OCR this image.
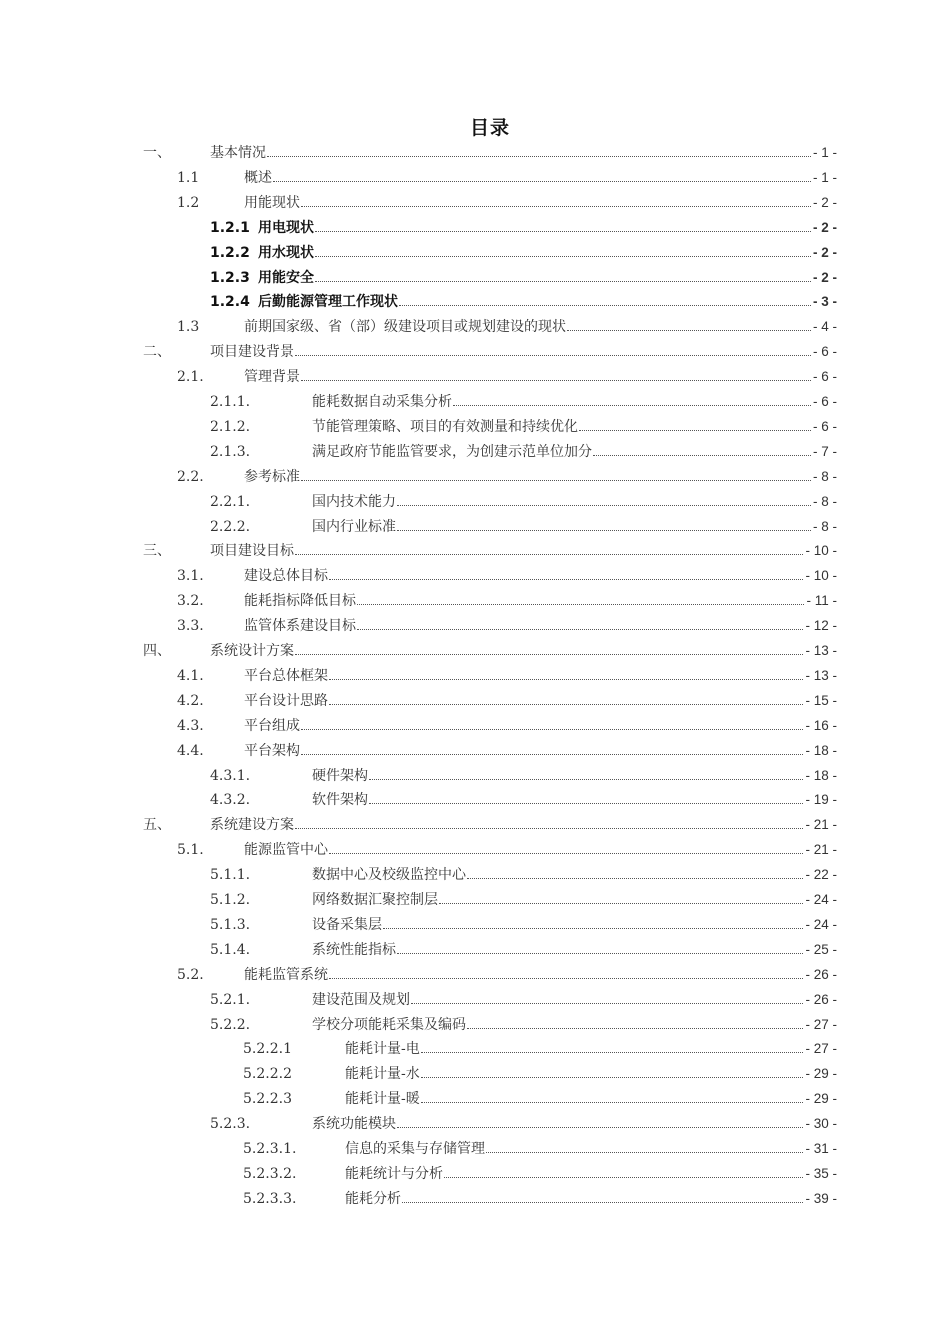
目录
一、	基本情况	- 1 -
1.1	概述	- 1 -
1.2	用能现状	- 2 -
1.2.1 用电现状	- 2 -
1.2.2 用水现状	- 2 -
1.2.3 用能安全	- 2 -
1.2.4 后勤能源管理工作现状	- 3 -
1.3	前期国家级、省（部）级建设项目或规划建设的现状	- 4 -
二、	项目建设背景	- 6 -
2.1.	管理背景	- 6 -
2.1.1.	能耗数据自动采集分析	- 6 -
2.1.2.	节能管理策略、项目的有效测量和持续优化	- 6 -
2.1.3.	满足政府节能监管要求，为创建示范单位加分	- 7 -
2.2.	参考标准	- 8 -
2.2.1.	国内技术能力	- 8 -
2.2.2.	国内行业标准	- 8 -
三、	项目建设目标	- 10 -
3.1.	建设总体目标	- 10 -
3.2.	能耗指标降低目标	- 11 -
3.3.	监管体系建设目标	- 12 -
四、	系统设计方案	- 13 -
4.1.	平台总体框架	- 13 -
4.2.	平台设计思路	- 15 -
4.3.	平台组成	- 16 -
4.4.	平台架构	- 18 -
4.3.1.	硬件架构	- 18 -
4.3.2.	软件架构	- 19 -
五、	系统建设方案	- 21 -
5.1.	能源监管中心	- 21 -
5.1.1.	数据中心及校级监控中心	- 22 -
5.1.2.	网络数据汇聚控制层	- 24 -
5.1.3.	设备采集层	- 24 -
5.1.4.	系统性能指标	- 25 -
5.2.	能耗监管系统	- 26 -
5.2.1.	建设范围及规划	- 26 -
5.2.2.	学校分项能耗采集及编码	- 27 -
5.2.2.1	能耗计量-电	- 27 -
5.2.2.2	能耗计量-水	- 29 -
5.2.2.3	能耗计量-暖	- 29 -
5.2.3.	系统功能模块	- 30 -
5.2.3.1.	信息的采集与存储管理	- 31 -
5.2.3.2.	能耗统计与分析	- 35 -
5.2.3.3.	能耗分析	- 39 -
